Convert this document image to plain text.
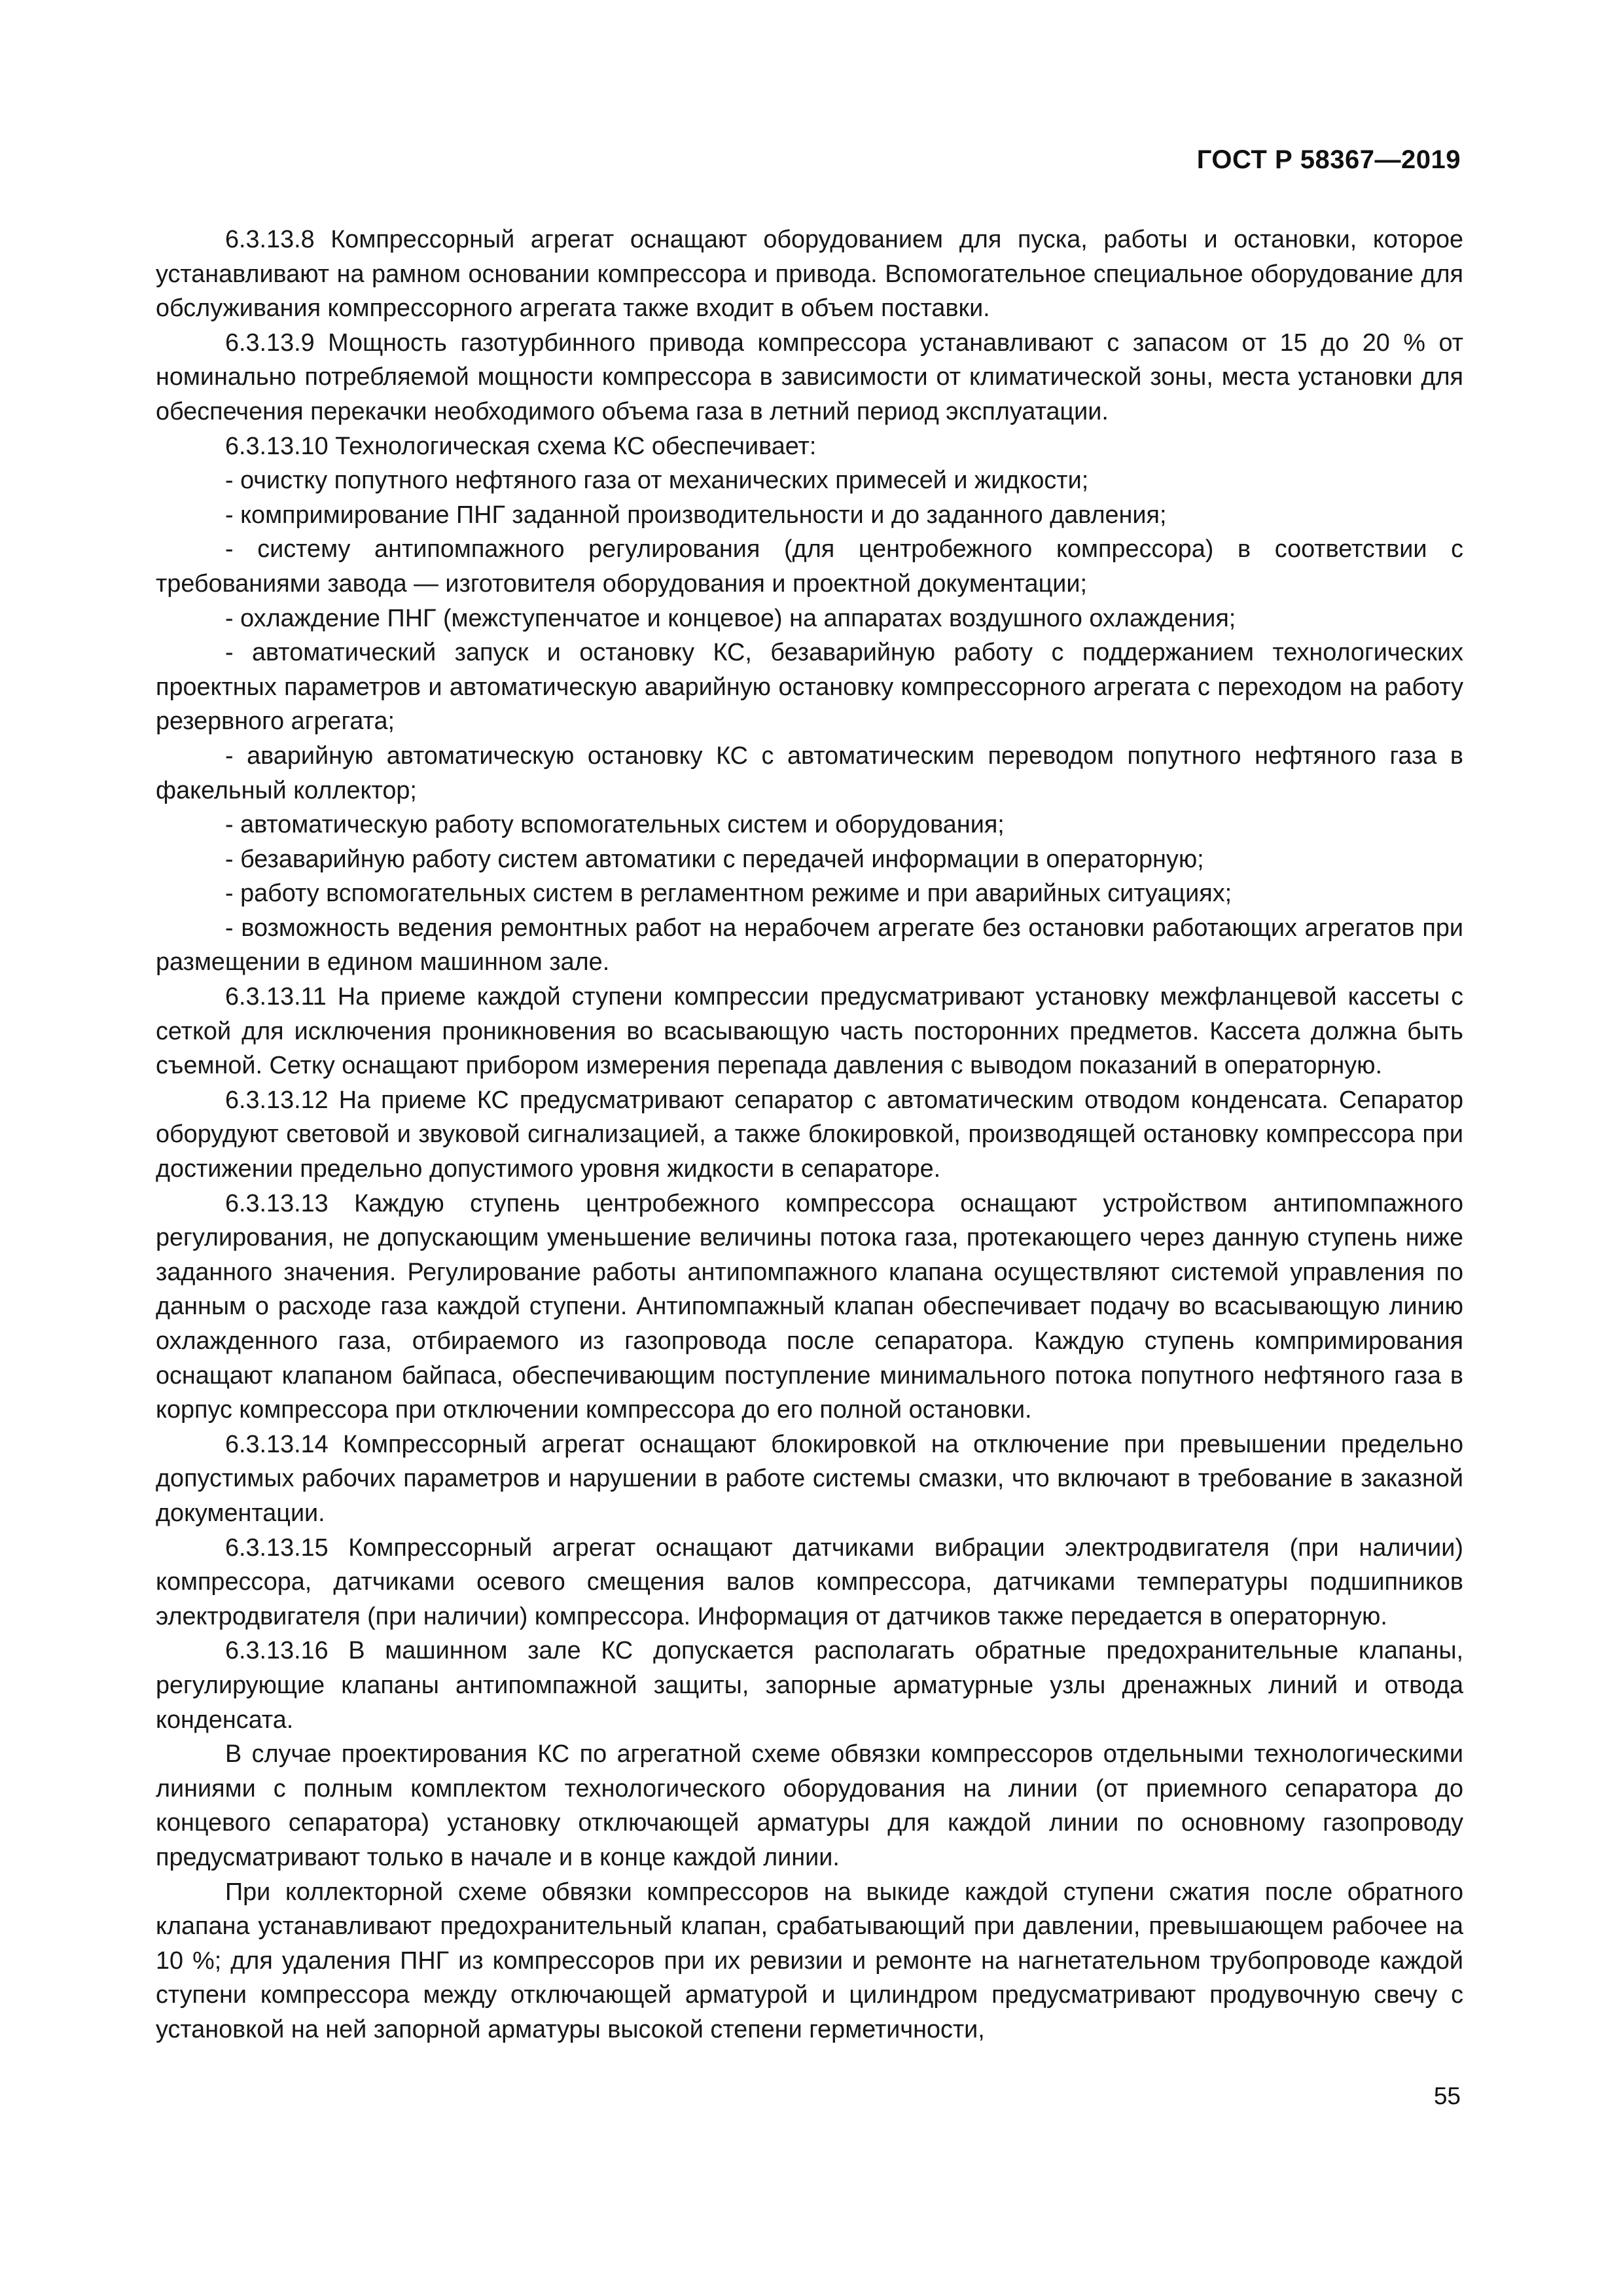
ГОСТ Р 58367—2019

6.3.13.8 Компрессорный агрегат оснащают оборудованием для пуска, работы и остановки, которое устанавливают на рамном основании компрессора и привода. Вспомогательное специальное оборудование для обслуживания компрессорного агрегата также входит в объем поставки.

6.3.13.9 Мощность газотурбинного привода компрессора устанавливают с запасом от 15 до 20 % от номинально потребляемой мощности компрессора в зависимости от климатической зоны, места установки для обеспечения перекачки необходимого объема газа в летний период эксплуатации.

6.3.13.10 Технологическая схема КС обеспечивает:

- очистку попутного нефтяного газа от механических примесей и жидкости;

- компримирование ПНГ заданной производительности и до заданного давления;

- систему антипомпажного регулирования (для центробежного компрессора) в соответствии с требованиями завода — изготовителя оборудования и проектной документации;

- охлаждение ПНГ (межступенчатое и концевое) на аппаратах воздушного охлаждения;

- автоматический запуск и остановку КС, безаварийную работу с поддержанием технологических проектных параметров и автоматическую аварийную остановку компрессорного агрегата с переходом на работу резервного агрегата;

- аварийную автоматическую остановку КС с автоматическим переводом попутного нефтяного газа в факельный коллектор;

- автоматическую работу вспомогательных систем и оборудования;

- безаварийную работу систем автоматики с передачей информации в операторную;

- работу вспомогательных систем в регламентном режиме и при аварийных ситуациях;

- возможность ведения ремонтных работ на нерабочем агрегате без остановки работающих агрегатов при размещении в едином машинном зале.

6.3.13.11 На приеме каждой ступени компрессии предусматривают установку межфланцевой кассеты с сеткой для исключения проникновения во всасывающую часть посторонних предметов. Кассета должна быть съемной. Сетку оснащают прибором измерения перепада давления с выводом показаний в операторную.

6.3.13.12 На приеме КС предусматривают сепаратор с автоматическим отводом конденсата. Сепаратор оборудуют световой и звуковой сигнализацией, а также блокировкой, производящей остановку компрессора при достижении предельно допустимого уровня жидкости в сепараторе.

6.3.13.13 Каждую ступень центробежного компрессора оснащают устройством антипомпажного регулирования, не допускающим уменьшение величины потока газа, протекающего через данную ступень ниже заданного значения. Регулирование работы антипомпажного клапана осуществляют системой управления по данным о расходе газа каждой ступени. Антипомпажный клапан обеспечивает подачу во всасывающую линию охлажденного газа, отбираемого из газопровода после сепаратора. Каждую ступень компримирования оснащают клапаном байпаса, обеспечивающим поступление минимального потока попутного нефтяного газа в корпус компрессора при отключении компрессора до его полной остановки.

6.3.13.14 Компрессорный агрегат оснащают блокировкой на отключение при превышении предельно допустимых рабочих параметров и нарушении в работе системы смазки, что включают в требование в заказной документации.

6.3.13.15 Компрессорный агрегат оснащают датчиками вибрации электродвигателя (при наличии) компрессора, датчиками осевого смещения валов компрессора, датчиками температуры подшипников электродвигателя (при наличии) компрессора. Информация от датчиков также передается в операторную.

6.3.13.16 В машинном зале КС допускается располагать обратные предохранительные клапаны, регулирующие клапаны антипомпажной защиты, запорные арматурные узлы дренажных линий и отвода конденсата.

В случае проектирования КС по агрегатной схеме обвязки компрессоров отдельными технологическими линиями с полным комплектом технологического оборудования на линии (от приемного сепаратора до концевого сепаратора) установку отключающей арматуры для каждой линии по основному газопроводу предусматривают только в начале и в конце каждой линии.

При коллекторной схеме обвязки компрессоров на выкиде каждой ступени сжатия после обратного клапана устанавливают предохранительный клапан, срабатывающий при давлении, превышающем рабочее на 10 %; для удаления ПНГ из компрессоров при их ревизии и ремонте на нагнетательном трубопроводе каждой ступени компрессора между отключающей арматурой и цилиндром предусматривают продувочную свечу с установкой на ней запорной арматуры высокой степени герметичности,

55
